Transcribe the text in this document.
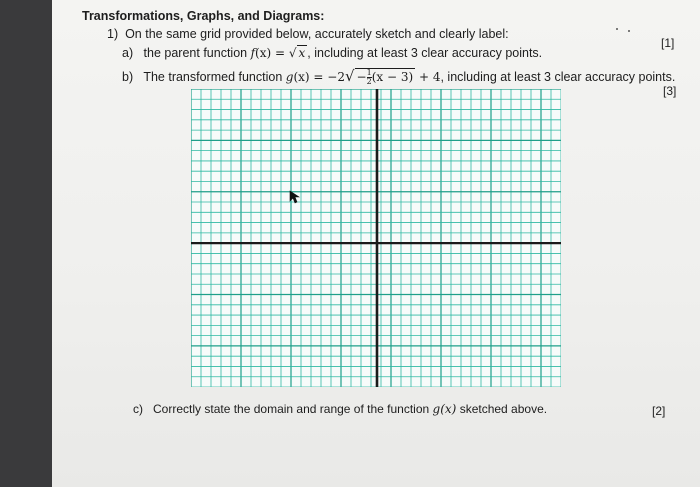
Transformations, Graphs, and Diagrams:
1) On the same grid provided below, accurately sketch and clearly label:
a) the parent function f(x) = √ x , including at least 3 clear accuracy points.
[1]
b) The transformed function $g(x) = -2√ - \frac{1}{2} (x - 3) + 4$, including at least 3 clear accuracy points.
[3]
c) Correctly state the domain and range of the function g(x) sketched above.	[2]
